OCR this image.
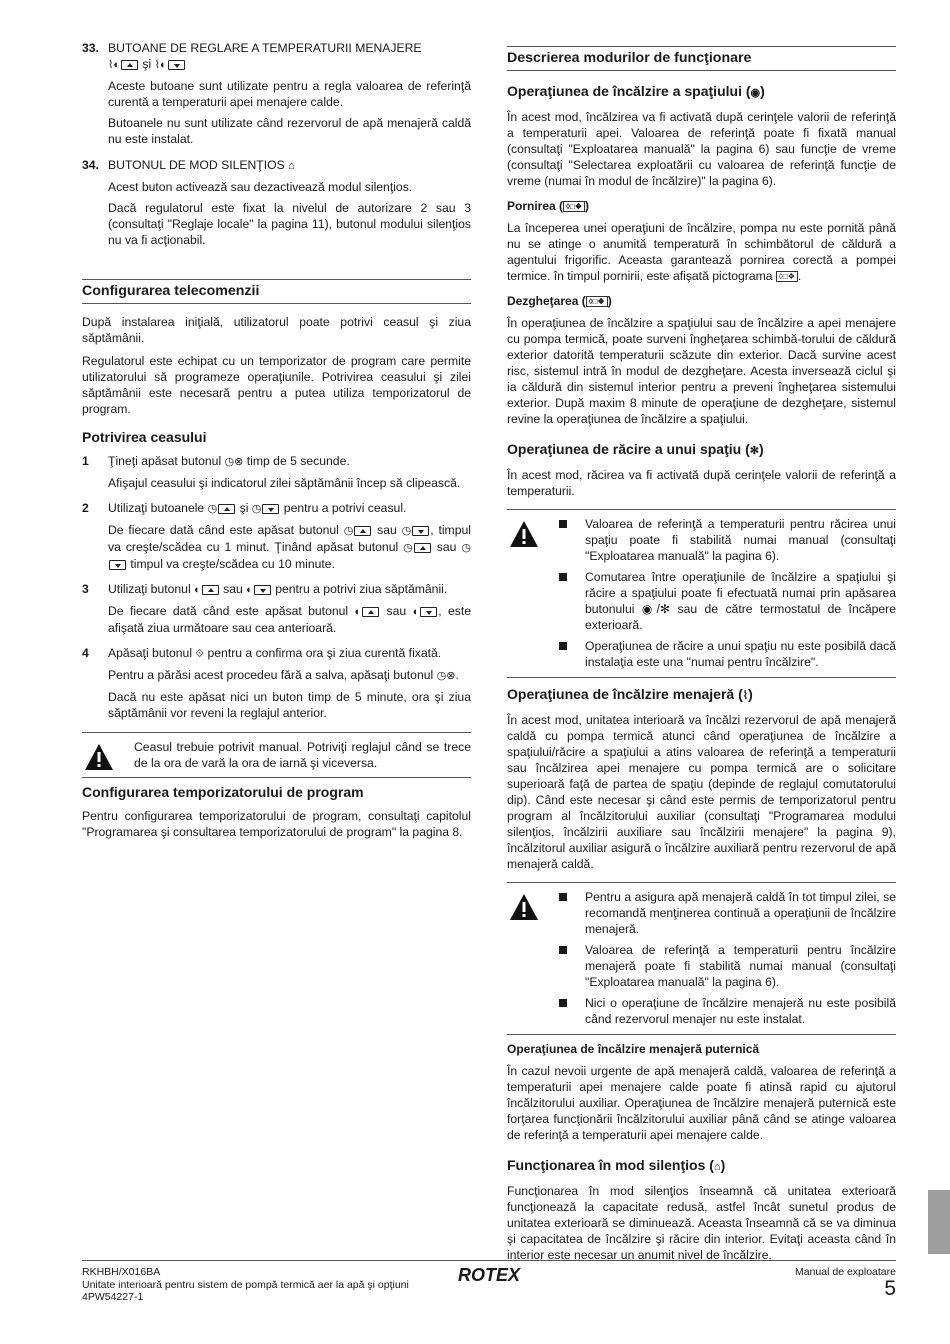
33. BUTOANE DE REGLARE A TEMPERATURII MENAJERE
⌇◐ şi ⌇◐

Aceste butoane sunt utilizate pentru a regla valoarea de referinţă curentă a temperaturii apei menajere calde.

Butoanele nu sunt utilizate când rezervorul de apă menajeră caldă nu este instalat.

34. BUTONUL DE MOD SILENŢIOS ⌂

Acest buton activează sau dezactivează modul silenţios.

Dacă regulatorul este fixat la nivelul de autorizare 2 sau 3 (consultaţi "Reglaje locale" la pagina 11), butonul modului silenţios nu va fi acţionabil.

Configurarea telecomenzii

După instalarea iniţială, utilizatorul poate potrivi ceasul şi ziua săptămânii.

Regulatorul este echipat cu un temporizator de program care permite utilizatorului să programeze operaţiunile. Potrivirea ceasului şi zilei săptămânii este necesară pentru a putea utiliza temporizatorul de program.

Potrivirea ceasului
1	Ţineţi apăsat butonul ◷⊗ timp de 5 secunde.

Afişajul ceasului şi indicatorul zilei săptămânii încep să clipească.

2	Utilizaţi butoanele ◷ şi ◷ pentru a potrivi ceasul.

De fiecare dată când este apăsat butonul ◷ sau ◷ , timpul va creşte/scădea cu 1 minut. Ţinând apăsat butonul ◷ sau ◷ timpul va creşte/scădea cu 10 minute.

3	Utilizaţi butonul ◐ sau ◐ pentru a potrivi ziua săptămânii.

De fiecare dată când este apăsat butonul ◐ sau ◐ , este afişată ziua următoare sau cea anterioară.

4	Apăsaţi butonul ⟐ pentru a confirma ora şi ziua curentă fixată.

Pentru a părăsi acest procedeu fără a salva, apăsaţi butonul ◷⊗.

Dacă nu este apăsat nici un buton timp de 5 minute, ora şi ziua săptămânii vor reveni la reglajul anterior.

Ceasul trebuie potrivit manual. Potriviţi reglajul când se trece de la ora de vară la ora de iarnă şi viceversa.

Configurarea temporizatorului de program

Pentru configurarea temporizatorului de program, consultaţi capitolul "Programarea şi consultarea temporizatorului de program" la pagina 8.

Descrierea modurilor de funcţionare
Operaţiunea de încălzire a spaţiului (◉)

În acest mod, încălzirea va fi activată după cerinţele valorii de referinţă a temperaturii apei. Valoarea de referinţă poate fi fixată manual (consultaţi "Exploatarea manuală" la pagina 6) sau funcţie de vreme (consultaţi "Selectarea exploatării cu valoarea de referinţă funcţie de vreme (numai în modul de încălzire)" la pagina 6).

Pornirea ( ◊□❖ )

La începerea unei operaţiuni de încălzire, pompa nu este pornită până nu se atinge o anumită temperatură în schimbătorul de căldură a agentului frigorific. Aceasta garantează pornirea corectă a pompei termice. în timpul pornirii, este afişată pictograma ◊□❖ .

Dezgheţarea ( ◊□❖ )

În operaţiunea de încălzire a spaţiului sau de încălzire a apei menajere cu pompa termică, poate surveni îngheţarea schimbă-torului de căldură exterior datorită temperaturii scăzute din exterior. Dacă survine acest risc, sistemul intră în modul de dezgheţare. Acesta inversează ciclul şi ia căldură din sistemul interior pentru a preveni îngheţarea sistemului exterior. După maxim 8 minute de operaţiune de dezgheţare, sistemul revine la operaţiunea de încălzire a spaţiului.

Operaţiunea de răcire a unui spaţiu (✻)

În acest mod, răcirea va fi activată după cerinţele valorii de referinţă a temperaturii.

Valoarea de referinţă a temperaturii pentru răcirea unui spaţiu poate fi stabilită numai manual (consultaţi "Exploatarea manuală" la pagina 6).

Comutarea între operaţiunile de încălzire a spaţiului şi răcire a spaţiului poate fi efectuată numai prin apăsarea butonului ◉/✻ sau de către termostatul de încăpere exterioară.

Operaţiunea de răcire a unui spaţiu nu este posibilă dacă instalaţia este una "numai pentru încălzire".

Operaţiunea de încălzire menajeră (⌇)

În acest mod, unitatea interioară va încălzi rezervorul de apă menajeră caldă cu pompa termică atunci când operaţiunea de încălzire a spaţiului/răcire a spaţiului a atins valoarea de referinţă a temperaturii sau încălzirea apei menajere cu pompa termică are o solicitare superioară faţă de partea de spaţiu (depinde de reglajul comutatorului dip). Când este necesar şi când este permis de temporizatorul pentru program al încălzitorului auxiliar (consultaţi "Programarea modului silenţios, încălzirii auxiliare sau încălzirii menajere" la pagina 9), încălzitorul auxiliar asigură o încălzire auxiliară pentru rezervorul de apă menajeră caldă.

Pentru a asigura apă menajeră caldă în tot timpul zilei, se recomandă menţinerea continuă a operaţiunii de încălzire menajeră.

Valoarea de referinţă a temperaturii pentru încălzire menajeră poate fi stabilită numai manual (consultaţi "Exploatarea manuală" la pagina 6).

Nici o operaţiune de încălzire menajeră nu este posibilă când rezervorul menajer nu este instalat.

Operaţiunea de încălzire menajeră puternică

În cazul nevoii urgente de apă menajeră caldă, valoarea de referinţă a temperaturii apei menajere calde poate fi atinsă rapid cu ajutorul încălzitorului auxiliar. Operaţiunea de încălzire menajeră puternică este forţarea funcţionării încălzitorului auxiliar până când se atinge valoarea de referinţă a temperaturii apei menajere calde.

Funcţionarea în mod silenţios (⌂)

Funcţionarea în mod silenţios înseamnă că unitatea exterioară funcţionează la capacitate redusă, astfel încât sunetul produs de unitatea exterioară se diminuează. Aceasta înseamnă că se va diminua şi capacitatea de încălzire şi răcire din interior. Evitaţi aceasta când în interior este necesar un anumit nivel de încălzire.

RKHBH/X016BA
Unitate interioară pentru sistem de pompă termică aer la apă şi opţiuni
4PW54227-1
ROTEX	Manual de exploatare
5
